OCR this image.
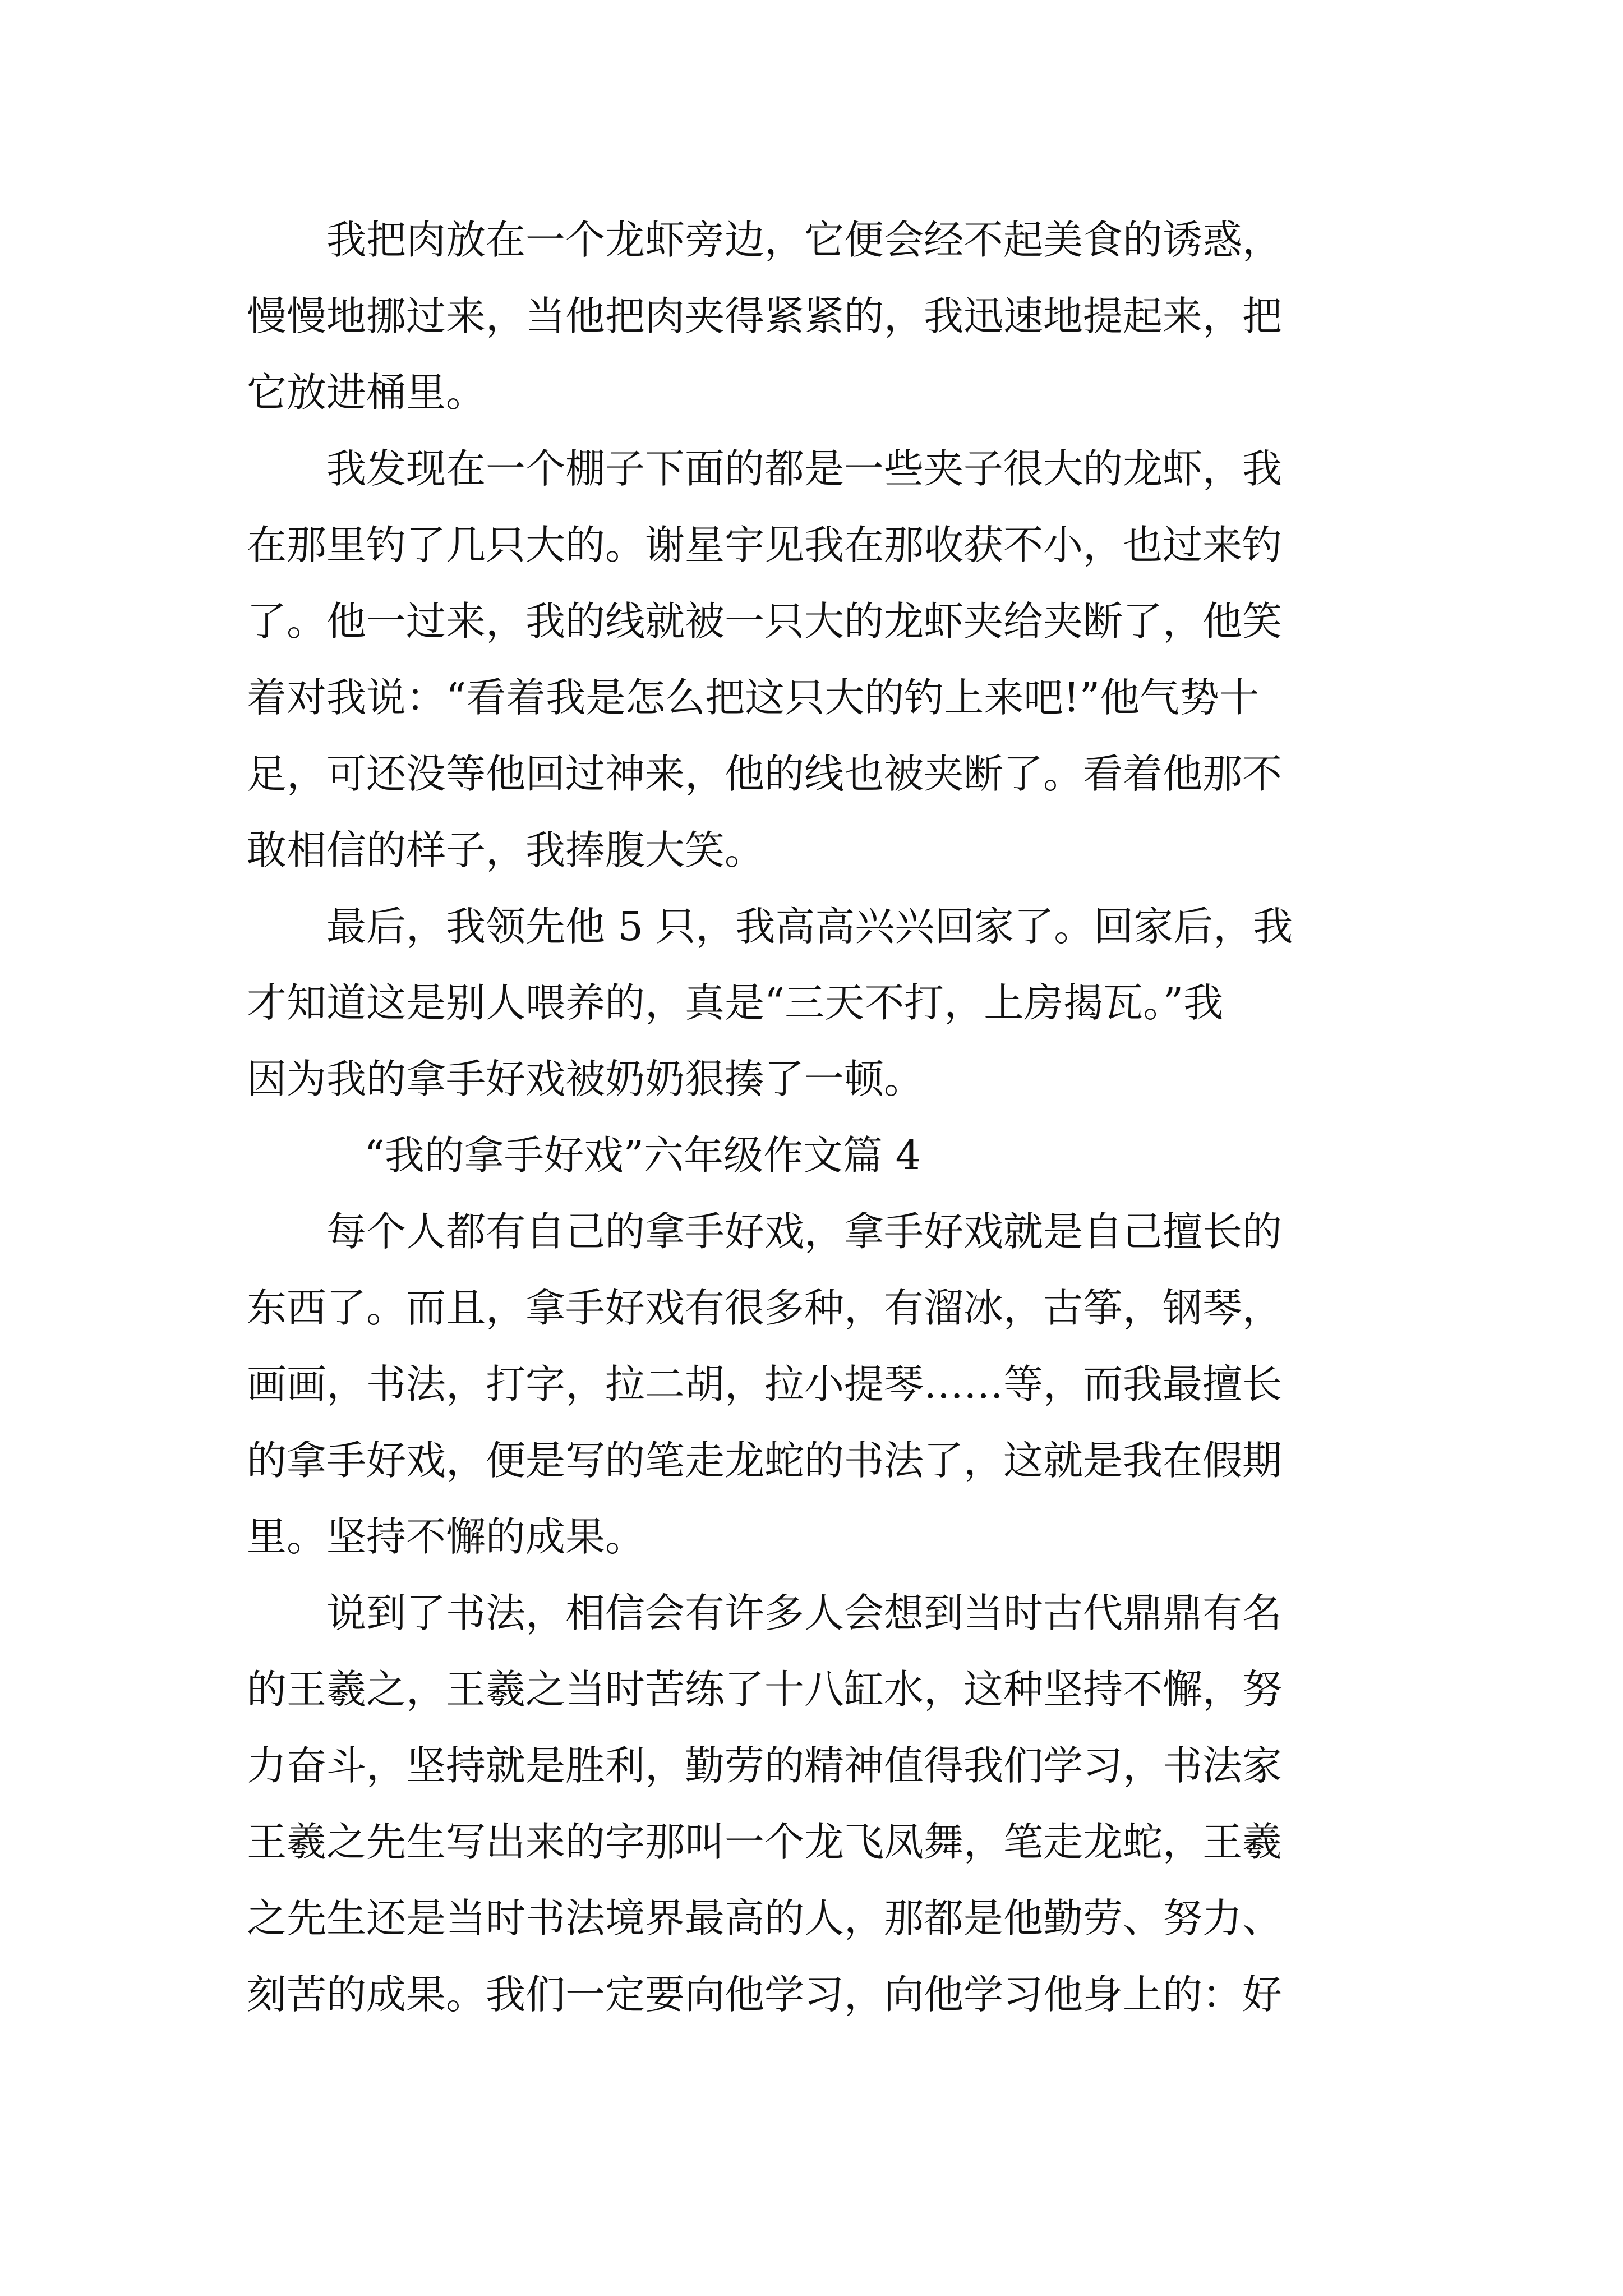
我把肉放在一个龙虾旁边，它便会经不起美食的诱惑，
慢慢地挪过来，当他把肉夹得紧紧的，我迅速地提起来，把
它放进桶里。

我发现在一个棚子下面的都是一些夹子很大的龙虾，我
在那里钓了几只大的。谢星宇见我在那收获不小，也过来钓
了。他一过来，我的线就被一只大的龙虾夹给夹断了，他笑
着对我说：“看着我是怎么把这只大的钓上来吧!”他气势十
足，可还没等他回过神来，他的线也被夹断了。看着他那不
敢相信的样子，我捧腹大笑。

最后，我领先他 5 只，我高高兴兴回家了。回家后，我
才知道这是别人喂养的，真是“三天不打，上房揭瓦。”我
因为我的拿手好戏被奶奶狠揍了一顿。

“我的拿手好戏”六年级作文篇 4

每个人都有自己的拿手好戏，拿手好戏就是自己擅长的
东西了。而且，拿手好戏有很多种，有溜冰，古筝，钢琴，
画画，书法，打字，拉二胡，拉小提琴……等，而我最擅长
的拿手好戏，便是写的笔走龙蛇的书法了，这就是我在假期
里。坚持不懈的成果。

说到了书法，相信会有许多人会想到当时古代鼎鼎有名
的王羲之，王羲之当时苦练了十八缸水，这种坚持不懈，努
力奋斗，坚持就是胜利，勤劳的精神值得我们学习，书法家
王羲之先生写出来的字那叫一个龙飞凤舞，笔走龙蛇，王羲
之先生还是当时书法境界最高的人，那都是他勤劳、努力、
刻苦的成果。我们一定要向他学习，向他学习他身上的：好
